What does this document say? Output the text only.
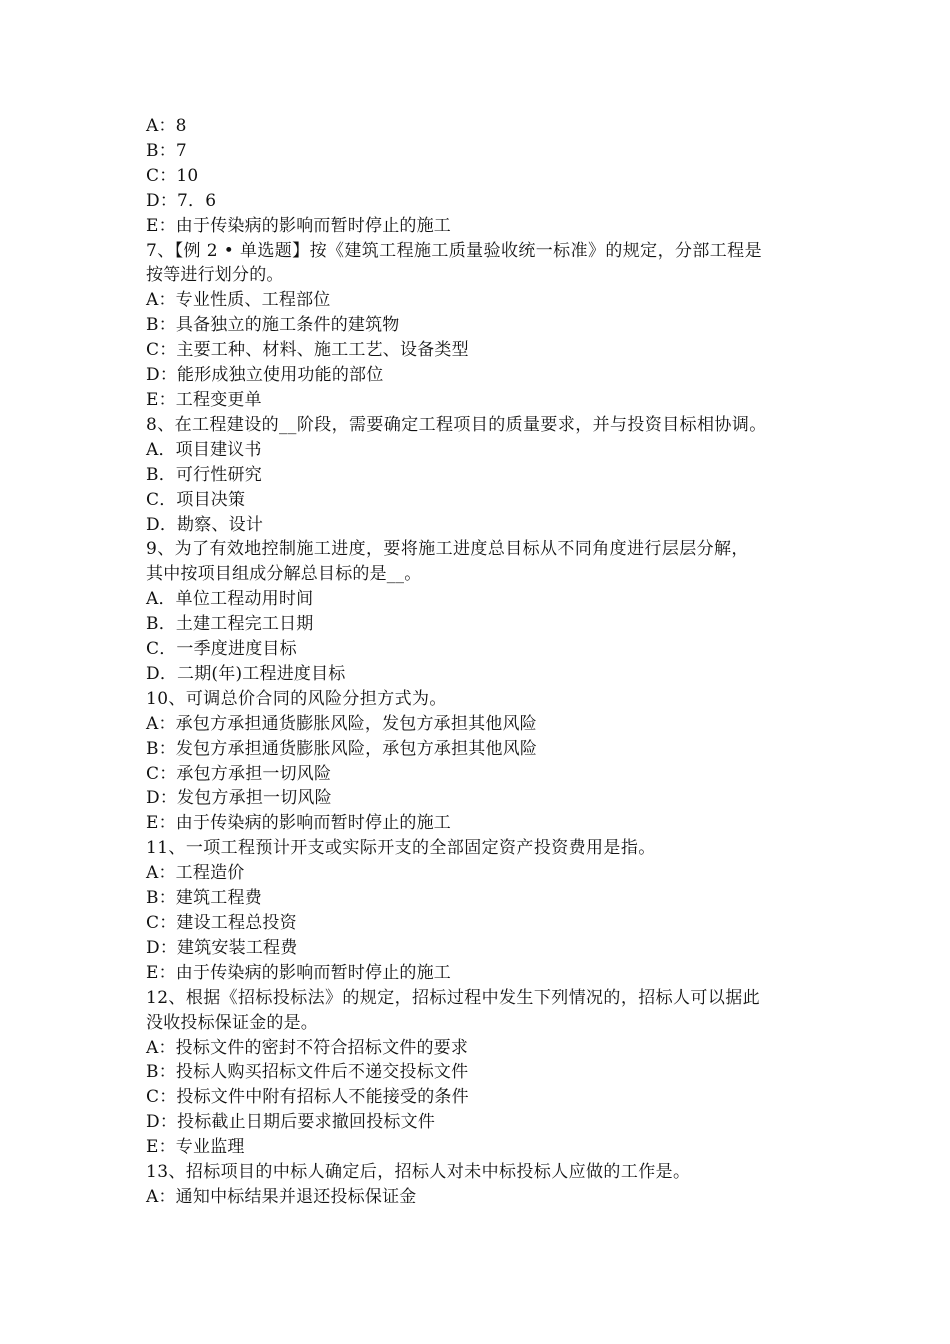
A：8
B：7
C：10
D：7．6
E：由于传染病的影响而暂时停止的施工
7、【例 2 • 单选题】按《建筑工程施工质量验收统一标准》的规定，分部工程是
按等进行划分的。
A：专业性质、工程部位
B：具备独立的施工条件的建筑物
C：主要工种、材料、施工工艺、设备类型
D：能形成独立使用功能的部位
E：工程变更单
8、在工程建设的__阶段，需要确定工程项目的质量要求，并与投资目标相协调。
A．项目建议书
B．可行性研究
C．项目决策
D．勘察、设计
9、为了有效地控制施工进度，要将施工进度总目标从不同角度进行层层分解，
其中按项目组成分解总目标的是__。
A．单位工程动用时间
B．土建工程完工日期
C．一季度进度目标
D．二期(年)工程进度目标
10、可调总价合同的风险分担方式为。
A：承包方承担通货膨胀风险，发包方承担其他风险
B：发包方承担通货膨胀风险，承包方承担其他风险
C：承包方承担一切风险
D：发包方承担一切风险
E：由于传染病的影响而暂时停止的施工
11、一项工程预计开支或实际开支的全部固定资产投资费用是指。
A：工程造价
B：建筑工程费
C：建设工程总投资
D：建筑安装工程费
E：由于传染病的影响而暂时停止的施工
12、根据《招标投标法》的规定，招标过程中发生下列情况的，招标人可以据此
没收投标保证金的是。
A：投标文件的密封不符合招标文件的要求
B：投标人购买招标文件后不递交投标文件
C：投标文件中附有招标人不能接受的条件
D：投标截止日期后要求撤回投标文件
E：专业监理
13、招标项目的中标人确定后，招标人对未中标投标人应做的工作是。
A：通知中标结果并退还投标保证金
